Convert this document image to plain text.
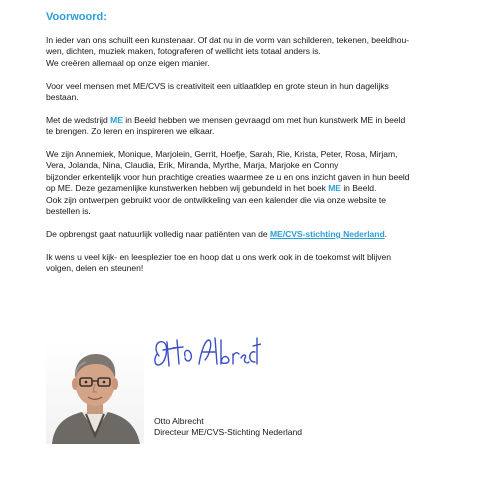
Voorwoord:

In ieder van ons schuilt een kunstenaar. Of dat nu in de vorm van schilderen, tekenen, beeldhou-
wen, dichten, muziek maken, fotograferen of wellicht iets totaal anders is.
We creëren allemaal op onze eigen manier.

Voor veel mensen met ME/CVS is creativiteit een uitlaatklep en grote steun in hun dagelijks
bestaan.

Met de wedstrijd ME in Beeld hebben we mensen gevraagd om met hun kunstwerk ME in beeld
te brengen. Zo leren en inspireren we elkaar.

We zijn Annemiek, Monique, Marjolein, Gerrit, Hoefje, Sarah, Rie, Krista, Peter, Rosa, Mirjam,
Vera, Jolanda, Nina, Claudia, Erik, Miranda, Myrthe, Marja, Marjoke en Conny
bijzonder erkentelijk voor hun prachtige creaties waarmee ze u en ons inzicht gaven in hun beeld
op ME. Deze gezamenlijke kunstwerken hebben wij gebundeld in het boek ME in Beeld.
Ook zijn ontwerpen gebruikt voor de ontwikkeling van een kalender die via onze website te
bestellen is.

De opbrengst gaat natuurlijk volledig naar patiënten van de ME/CVS-stichting Nederland.

Ik wens u veel kijk- en leesplezier toe en hoop dat u ons werk ook in de toekomst wilt blijven
volgen, delen en steunen!

Otto Albrecht
Directeur ME/CVS-Stichting Nederland
